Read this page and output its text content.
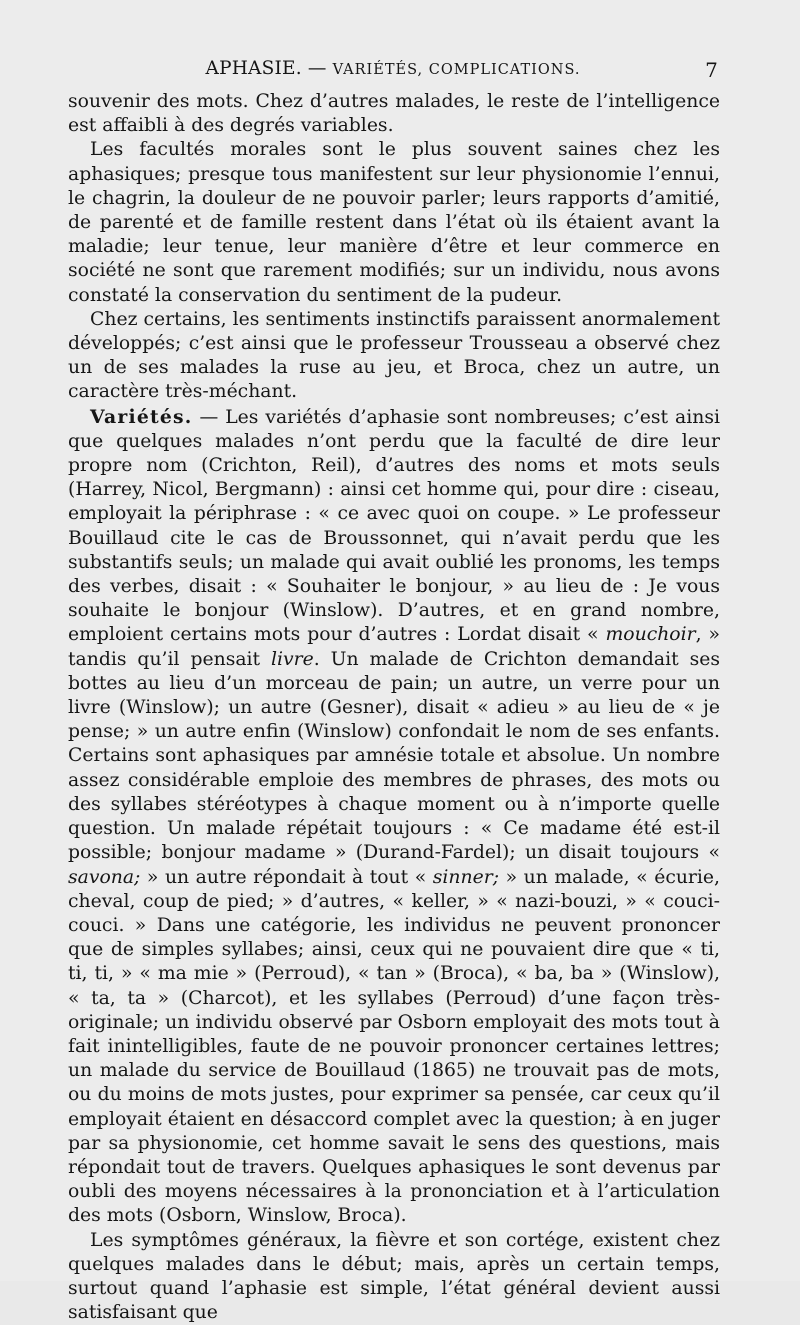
APHASIE. — VARIÉTÉS, COMPLICATIONS.	7

souvenir des mots. Chez d’autres malades, le reste de l’intelligence est affaibli à des degrés variables.

Les facultés morales sont le plus souvent saines chez les aphasiques; presque tous manifestent sur leur physionomie l’ennui, le chagrin, la douleur de ne pouvoir parler; leurs rapports d’amitié, de parenté et de famille restent dans l’état où ils étaient avant la maladie; leur tenue, leur manière d’être et leur commerce en société ne sont que rarement modifiés; sur un individu, nous avons constaté la conservation du sentiment de la pudeur.

Chez certains, les sentiments instinctifs paraissent anormalement développés; c’est ainsi que le professeur Trousseau a observé chez un de ses malades la ruse au jeu, et Broca, chez un autre, un caractère très-méchant.

Variétés. — Les variétés d’aphasie sont nombreuses; c’est ainsi que quelques malades n’ont perdu que la faculté de dire leur propre nom (Crichton, Reil), d’autres des noms et mots seuls (Harrey, Nicol, Bergmann) : ainsi cet homme qui, pour dire : ciseau, employait la périphrase : « ce avec quoi on coupe. » Le professeur Bouillaud cite le cas de Broussonnet, qui n’avait perdu que les substantifs seuls; un malade qui avait oublié les pronoms, les temps des verbes, disait : « Souhaiter le bonjour, » au lieu de : Je vous souhaite le bonjour (Winslow). D’autres, et en grand nombre, emploient certains mots pour d’autres : Lordat disait « mouchoir, » tandis qu’il pensait livre. Un malade de Crichton demandait ses bottes au lieu d’un morceau de pain; un autre, un verre pour un livre (Winslow); un autre (Gesner), disait « adieu » au lieu de « je pense; » un autre enfin (Winslow) confondait le nom de ses enfants. Certains sont aphasiques par amnésie totale et absolue. Un nombre assez considérable emploie des membres de phrases, des mots ou des syllabes stéréotypes à chaque moment ou à n’importe quelle question. Un malade répétait toujours : « Ce madame été est-il possible; bonjour madame » (Durand-Fardel); un disait toujours « savona; » un autre répondait à tout « sinner; » un malade, « écurie, cheval, coup de pied; » d’autres, « keller, » « nazi-bouzi, » « couci-couci. » Dans une catégorie, les individus ne peuvent prononcer que de simples syllabes; ainsi, ceux qui ne pouvaient dire que « ti, ti, ti, » « ma mie » (Perroud), « tan » (Broca), « ba, ba » (Winslow), « ta, ta » (Charcot), et les syllabes (Perroud) d’une façon très-originale; un individu observé par Osborn employait des mots tout à fait inintelligibles, faute de ne pouvoir prononcer certaines lettres; un malade du service de Bouillaud (1865) ne trouvait pas de mots, ou du moins de mots justes, pour exprimer sa pensée, car ceux qu’il employait étaient en désaccord complet avec la question; à en juger par sa physionomie, cet homme savait le sens des questions, mais répondait tout de travers. Quelques aphasiques le sont devenus par oubli des moyens nécessaires à la prononciation et à l’articulation des mots (Osborn, Winslow, Broca).

Les symptômes généraux, la fièvre et son cortége, existent chez quelques malades dans le début; mais, après un certain temps, surtout quand l’aphasie est simple, l’état général devient aussi satisfaisant que
